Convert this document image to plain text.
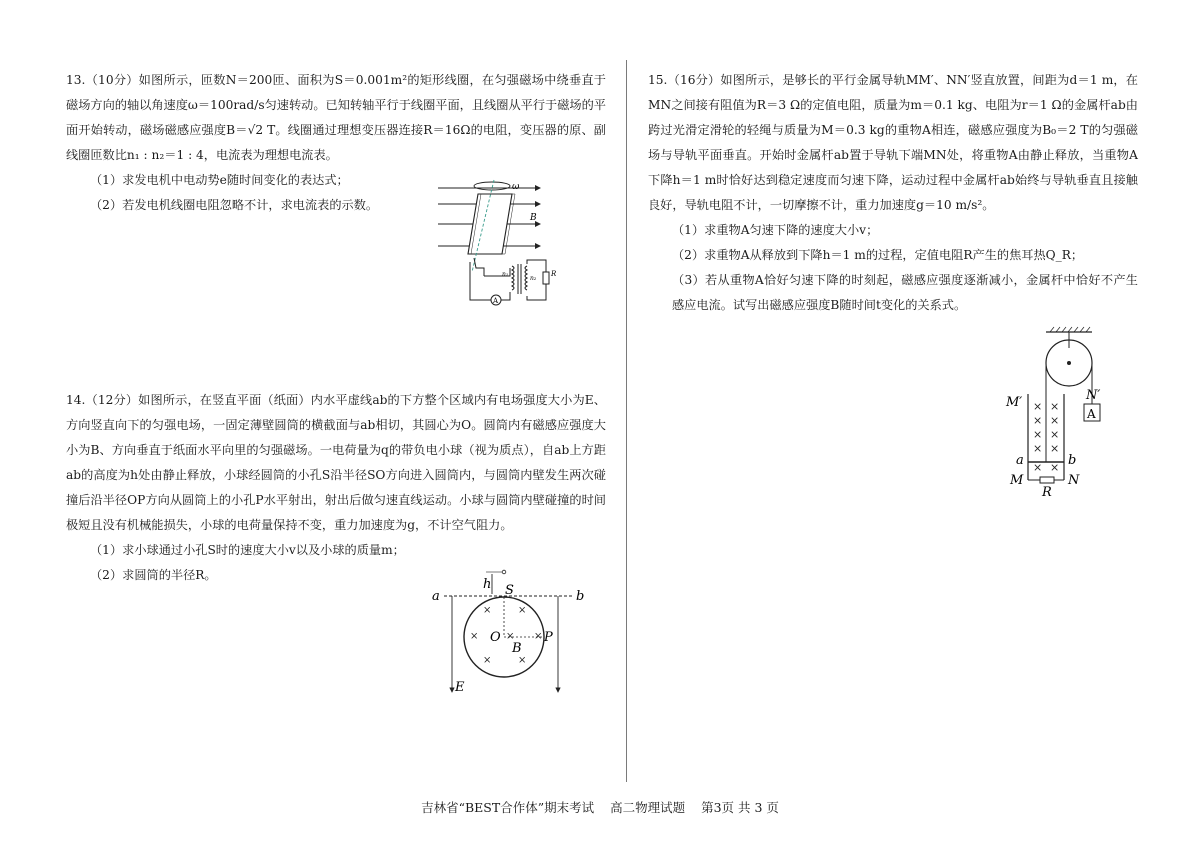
13.（10分）如图所示，匝数N＝200匝、面积为S＝0.001m²的矩形线圈，在匀强磁场中绕垂直于磁场方向的轴以角速度ω＝100rad/s匀速转动。已知转轴平行于线圈平面，且线圈从平行于磁场的平面开始转动，磁场磁感应强度B＝√2 T。线圈通过理想变压器连接R＝16Ω的电阻，变压器的原、副线圈匝数比n₁ : n₂＝1 : 4，电流表为理想电流表。

（1）求发电机中电动势e随时间变化的表达式；

（2）若发电机线圈电阻忽略不计，求电流表的示数。

14.（12分）如图所示，在竖直平面（纸面）内水平虚线ab的下方整个区域内有电场强度大小为E、方向竖直向下的匀强电场，一固定薄壁圆筒的横截面与ab相切，其圆心为O。圆筒内有磁感应强度大小为B、方向垂直于纸面水平向里的匀强磁场。一电荷量为q的带负电小球（视为质点），自ab上方距ab的高度为h处由静止释放，小球经圆筒的小孔S沿半径SO方向进入圆筒内，与圆筒内壁发生两次碰撞后沿半径OP方向从圆筒上的小孔P水平射出，射出后做匀速直线运动。小球与圆筒内壁碰撞的时间极短且没有机械能损失，小球的电荷量保持不变，重力加速度为g，不计空气阻力。

（1）求小球通过小孔S时的速度大小v以及小球的质量m；

（2）求圆筒的半径R。

ω
B
A
n₁
n₂
R
a	b
h S
×	×
×	×
×	×
×
O
B
P
E

15.（16分）如图所示，是够长的平行金属导轨MM′、NN′竖直放置，间距为d＝1 m，在MN之间接有阻值为R＝3 Ω的定值电阻，质量为m＝0.1 kg、电阻为r＝1 Ω的金属杆ab由跨过光滑定滑轮的轻绳与质量为M＝0.3 kg的重物A相连，磁感应强度为B₀＝2 T的匀强磁场与导轨平面垂直。开始时金属杆ab置于导轨下端MN处，将重物A由静止释放，当重物A下降h＝1 m时恰好达到稳定速度而匀速下降，运动过程中金属杆ab始终与导轨垂直且接触良好，导轨电阻不计，一切摩擦不计，重力加速度g＝10 m/s²。

（1）求重物A匀速下降的速度大小v；

（2）求重物A从释放到下降h＝1 m的过程，定值电阻R产生的焦耳热Q_R；

（3）若从重物A恰好匀速下降的时刻起，磁感应强度逐渐减小，金属杆中恰好不产生感应电流。试写出磁感应强度B随时间t变化的关系式。

A
× ×
× ×
× ×
× ×
× ×
M′	N′
a	b
M	N
R
吉林省“BEST合作体”期末考试 高二物理试题 第3页 共 3 页
